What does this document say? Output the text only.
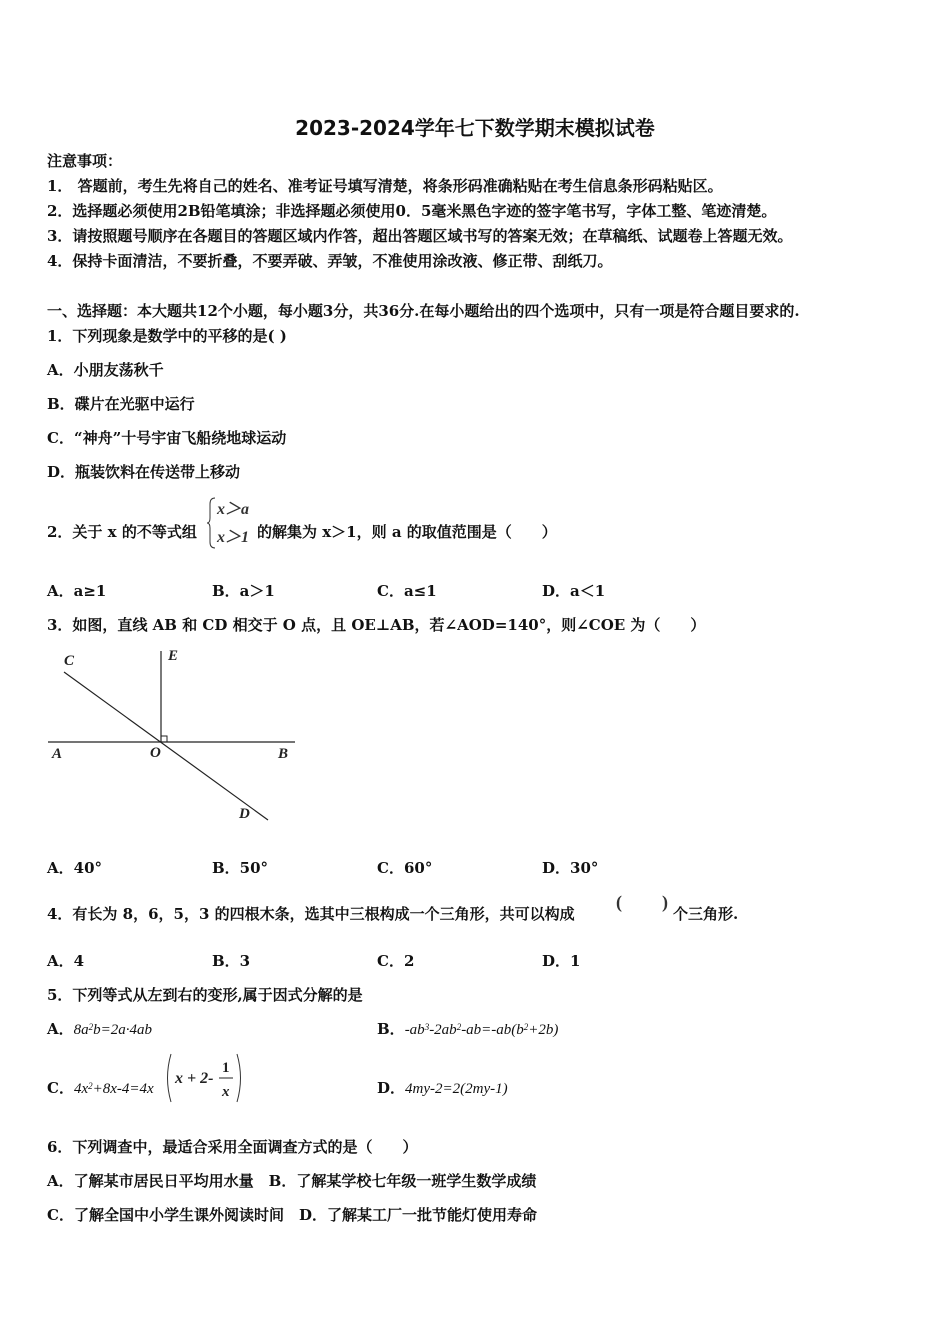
2023-2024学年七下数学期末模拟试卷
注意事项：
1． 答题前，考生先将自己的姓名、准考证号填写清楚，将条形码准确粘贴在考生信息条形码粘贴区。
2．选择题必须使用2B铅笔填涂；非选择题必须使用0．5毫米黑色字迹的签字笔书写，字体工整、笔迹清楚。
3．请按照题号顺序在各题目的答题区域内作答，超出答题区域书写的答案无效；在草稿纸、试题卷上答题无效。
4．保持卡面清洁，不要折叠，不要弄破、弄皱，不准使用涂改液、修正带、刮纸刀。
一、选择题：本大题共12个小题，每小题3分，共36分.在每小题给出的四个选项中，只有一项是符合题目要求的.
1．下列现象是数学中的平移的是( )
A．小朋友荡秋千
B．碟片在光驱中运行
C．“神舟”十号宇宙飞船绕地球运动
D．瓶装饮料在传送带上移动
2．关于 x 的不等式组
x＞a
x＞1 的解集为 x＞1，则 a 的取值范围是（　　）
A．a≥1	B．a＞1	C．a≤1	D．a＜1
3．如图，直线 AB 和 CD 相交于 O 点，且 OE⊥AB，若∠AOD=140°，则∠COE 为（　　）
C	E
A	O	B
D
A．40°	B．50°	C．60°	D．30°
4．有长为 8，6，5，3 的四根木条，选其中三根构成一个三角形，共可以构成
( )
个三角形.
A．4	B．3	C．2	D．1
5．下列等式从左到右的变形,属于因式分解的是
A．$8a^2b=2a\cdot 4ab$	B．$-ab^3-2ab^2-ab=-ab(b^2+2b)$
C．$4x^2+8x-4=4x$
x + 2-
1
x	D．4my-2=2(2my-1)
6．下列调查中，最适合采用全面调查方式的是（　　）
A．了解某市居民日平均用水量　B．了解某学校七年级一班学生数学成绩
C．了解全国中小学生课外阅读时间　D．了解某工厂一批节能灯使用寿命
